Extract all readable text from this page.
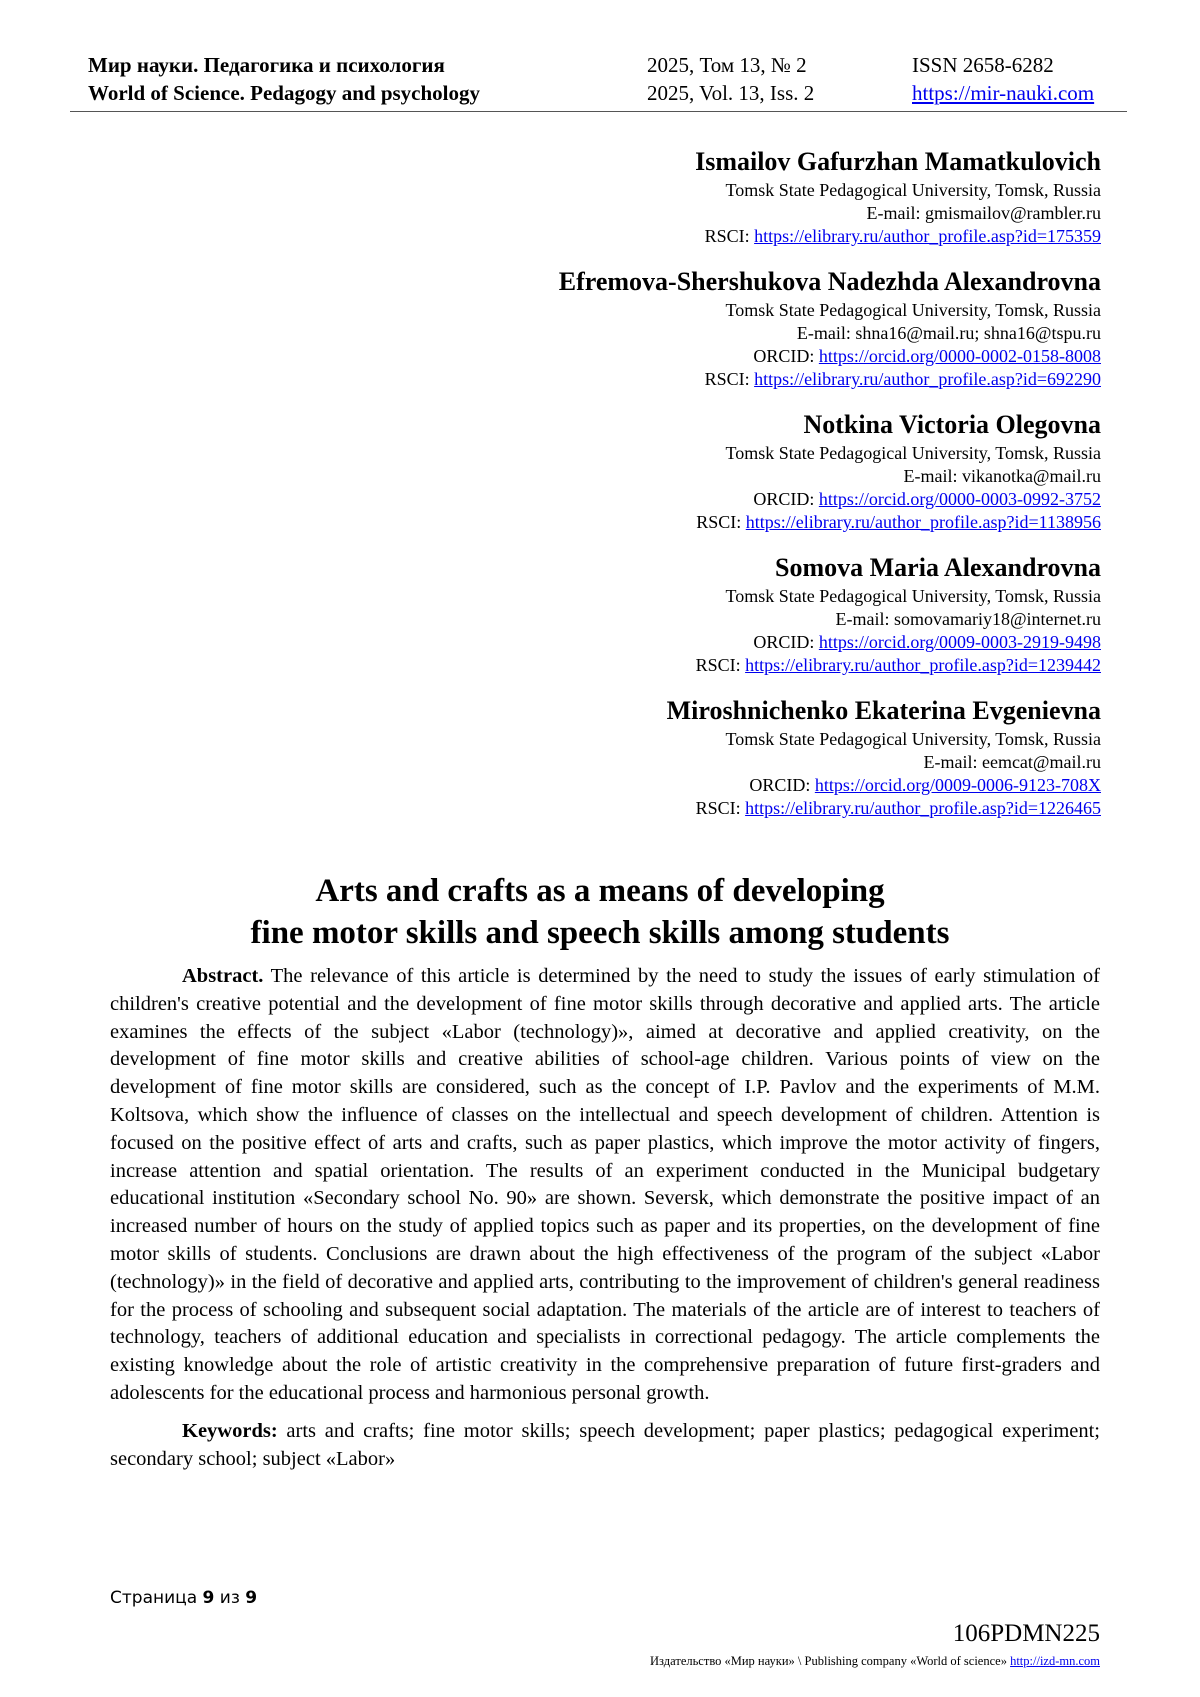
Мир науки. Педагогика и психология	2025, Том 13, № 2	ISSN 2658-6282
World of Science. Pedagogy and psychology	2025, Vol. 13, Iss. 2	https://mir-nauki.com
Ismailov Gafurzhan Mamatkulovich
Tomsk State Pedagogical University, Tomsk, Russia
E-mail: gmismailov@rambler.ru
RSCI: https://elibrary.ru/author_profile.asp?id=175359
Efremova-Shershukova Nadezhda Alexandrovna
Tomsk State Pedagogical University, Tomsk, Russia
E-mail: shna16@mail.ru; shna16@tspu.ru
ORCID: https://orcid.org/0000-0002-0158-8008
RSCI: https://elibrary.ru/author_profile.asp?id=692290
Notkina Victoria Olegovna
Tomsk State Pedagogical University, Tomsk, Russia
E-mail: vikanotka@mail.ru
ORCID: https://orcid.org/0000-0003-0992-3752
RSCI: https://elibrary.ru/author_profile.asp?id=1138956
Somova Maria Alexandrovna
Tomsk State Pedagogical University, Tomsk, Russia
E-mail: somovamariy18@internet.ru
ORCID: https://orcid.org/0009-0003-2919-9498
RSCI: https://elibrary.ru/author_profile.asp?id=1239442
Miroshnichenko Ekaterina Evgenievna
Tomsk State Pedagogical University, Tomsk, Russia
E-mail: eemcat@mail.ru
ORCID: https://orcid.org/0009-0006-9123-708X
RSCI: https://elibrary.ru/author_profile.asp?id=1226465
Arts and crafts as a means of developing
fine motor skills and speech skills among students

Abstract. The relevance of this article is determined by the need to study the issues of early stimulation of children's creative potential and the development of fine motor skills through decorative and applied arts. The article examines the effects of the subject «Labor (technology)», aimed at decorative and applied creativity, on the development of fine motor skills and creative abilities of school-age children. Various points of view on the development of fine motor skills are considered, such as the concept of I.P. Pavlov and the experiments of M.M. Koltsova, which show the influence of classes on the intellectual and speech development of children. Attention is focused on the positive effect of arts and crafts, such as paper plastics, which improve the motor activity of fingers, increase attention and spatial orientation. The results of an experiment conducted in the Municipal budgetary educational institution «Secondary school No. 90» are shown. Seversk, which demonstrate the positive impact of an increased number of hours on the study of applied topics such as paper and its properties, on the development of fine motor skills of students. Conclusions are drawn about the high effectiveness of the program of the subject «Labor (technology)» in the field of decorative and applied arts, contributing to the improvement of children's general readiness for the process of schooling and subsequent social adaptation. The materials of the article are of interest to teachers of technology, teachers of additional education and specialists in correctional pedagogy. The article complements the existing knowledge about the role of artistic creativity in the comprehensive preparation of future first-graders and adolescents for the educational process and harmonious personal growth.

Keywords: arts and crafts; fine motor skills; speech development; paper plastics; pedagogical experiment; secondary school; subject «Labor»

Страница 9 из 9
106PDMN225
Издательство «Мир науки» \ Publishing company «World of science» http://izd-mn.com
